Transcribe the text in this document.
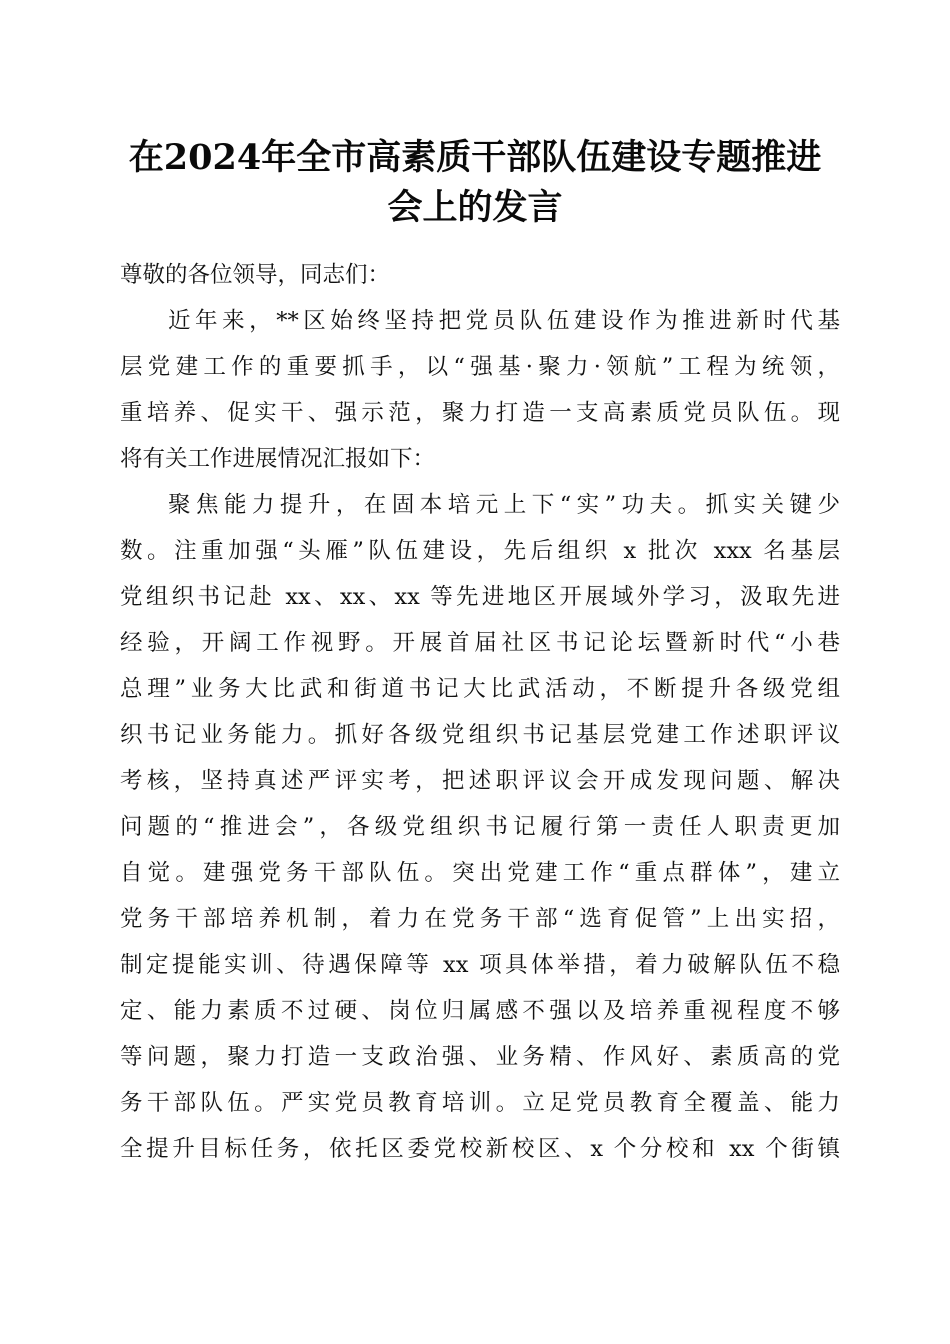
在2024年全市高素质干部队伍建设专题推进
会上的发言
尊敬的各位领导，同志们：
近年来，**区始终坚持把党员队伍建设作为推进新时代基
层党建工作的重要抓手，以“强基·聚力·领航”工程为统领，
重培养、促实干、强示范，聚力打造一支高素质党员队伍。现
将有关工作进展情况汇报如下：
聚焦能力提升，在固本培元上下“实”功夫。抓实关键少
数。注重加强“头雁”队伍建设，先后组织 x 批次 xxx 名基层
党组织书记赴 xx、xx、xx 等先进地区开展域外学习，汲取先进
经验，开阔工作视野。开展首届社区书记论坛暨新时代“小巷
总理”业务大比武和街道书记大比武活动，不断提升各级党组
织书记业务能力。抓好各级党组织书记基层党建工作述职评议
考核，坚持真述严评实考，把述职评议会开成发现问题、解决
问题的“推进会”，各级党组织书记履行第一责任人职责更加
自觉。建强党务干部队伍。突出党建工作“重点群体”，建立
党务干部培养机制，着力在党务干部“选育促管”上出实招，
制定提能实训、待遇保障等 xx 项具体举措，着力破解队伍不稳
定、能力素质不过硬、岗位归属感不强以及培养重视程度不够
等问题，聚力打造一支政治强、业务精、作风好、素质高的党
务干部队伍。严实党员教育培训。立足党员教育全覆盖、能力
全提升目标任务，依托区委党校新校区、x 个分校和 xx 个街镇
